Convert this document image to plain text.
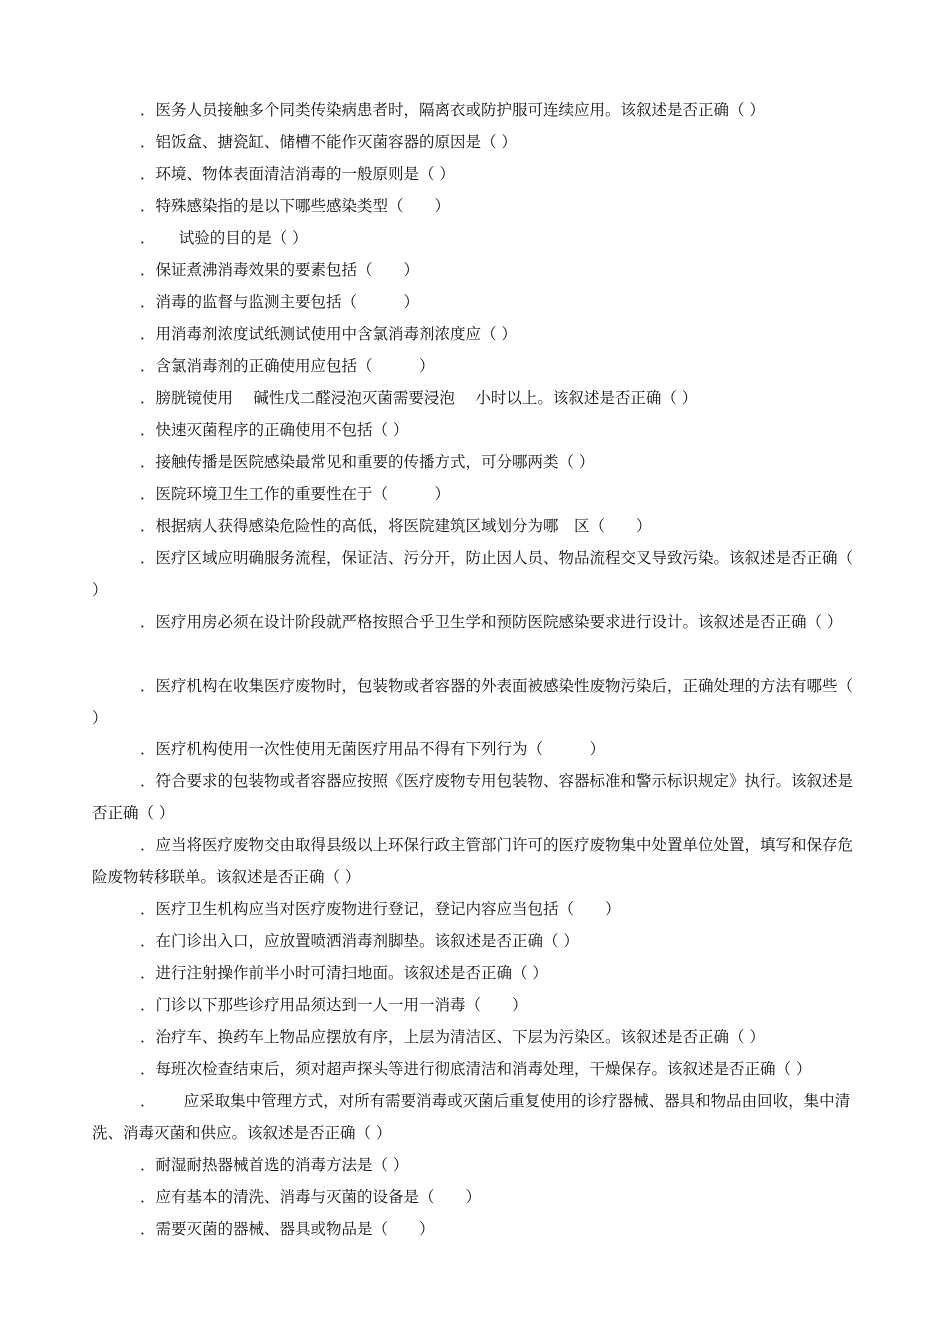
．医务人员接触多个同类传染病患者时，隔离衣或防护服可连续应用。该叙述是否正确（ ）

．铝饭盒、搪瓷缸、储槽不能作灭菌容器的原因是（ ）

．环境、物体表面清洁消毒的一般原则是（ ）

．特殊感染指的是以下哪些感染类型（　　）

．　　试验的目的是（ ）

．保证煮沸消毒效果的要素包括（　　）

．消毒的监督与监测主要包括（　　　）

．用消毒剂浓度试纸测试使用中含氯消毒剂浓度应（ ）

．含氯消毒剂的正确使用应包括（　　　）

．膀胱镜使用　 碱性戊二醛浸泡灭菌需要浸泡　 小时以上。该叙述是否正确（ ）

．快速灭菌程序的正确使用不包括（ ）

．接触传播是医院感染最常见和重要的传播方式，可分哪两类（ ）

．医院环境卫生工作的重要性在于（　　　）

．根据病人获得感染危险性的高低，将医院建筑区域划分为哪　区（　　）

．医疗区域应明确服务流程，保证洁、污分开，防止因人员、物品流程交叉导致污染。该叙述是否正确（ ）

．医疗用房必须在设计阶段就严格按照合乎卫生学和预防医院感染要求进行设计。该叙述是否正确（ ）

．医疗机构在收集医疗废物时，包装物或者容器的外表面被感染性废物污染后，正确处理的方法有哪些（ ）

．医疗机构使用一次性使用无菌医疗用品不得有下列行为（　　　）

．符合要求的包装物或者容器应按照《医疗废物专用包装物、容器标准和警示标识规定》执行。该叙述是否正确（ ）

．应当将医疗废物交由取得县级以上环保行政主管部门许可的医疗废物集中处置单位处置，填写和保存危险废物转移联单。该叙述是否正确（ ）

．医疗卫生机构应当对医疗废物进行登记，登记内容应当包括（　　）

．在门诊出入口，应放置喷洒消毒剂脚垫。该叙述是否正确（ ）

．进行注射操作前半小时可清扫地面。该叙述是否正确（ ）

．门诊以下那些诊疗用品须达到一人一用一消毒（　　）

．治疗车、换药车上物品应摆放有序，上层为清洁区、下层为污染区。该叙述是否正确（ ）

．每班次检查结束后，须对超声探头等进行彻底清洁和消毒处理，干燥保存。该叙述是否正确（ ）

．　　 应采取集中管理方式，对所有需要消毒或灭菌后重复使用的诊疗器械、器具和物品由回收，集中清洗、消毒灭菌和供应。该叙述是否正确（ ）

．耐湿耐热器械首选的消毒方法是（ ）

．应有基本的清洗、消毒与灭菌的设备是（　　）

．需要灭菌的器械、器具或物品是（　　）
